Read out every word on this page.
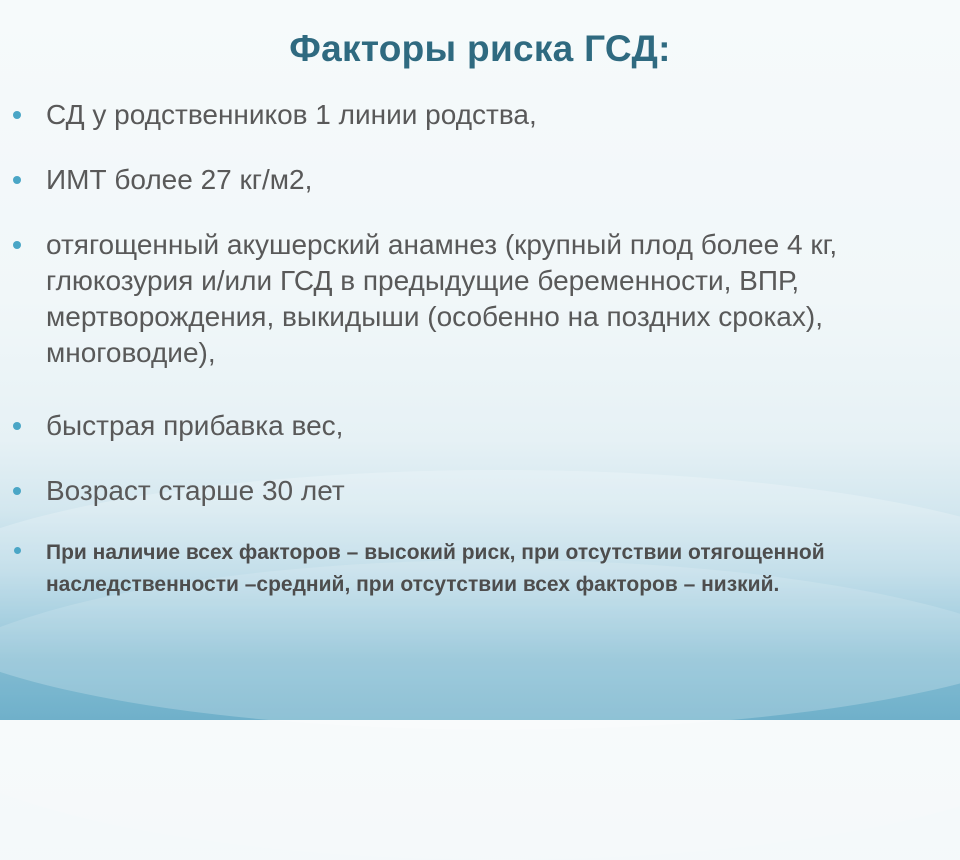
Факторы риска ГСД:
СД у родственников 1 линии родства,
ИМТ более 27 кг/м2,
отягощенный акушерский анамнез (крупный плод более 4 кг, глюкозурия и/или ГСД в предыдущие беременности, ВПР, мертворождения, выкидыши (особенно на поздних сроках), многоводие),
быстрая прибавка вес,
Возраст старше 30 лет
При наличие всех факторов – высокий риск, при отсутствии отягощенной наследственности –средний, при отсутствии всех факторов – низкий.
